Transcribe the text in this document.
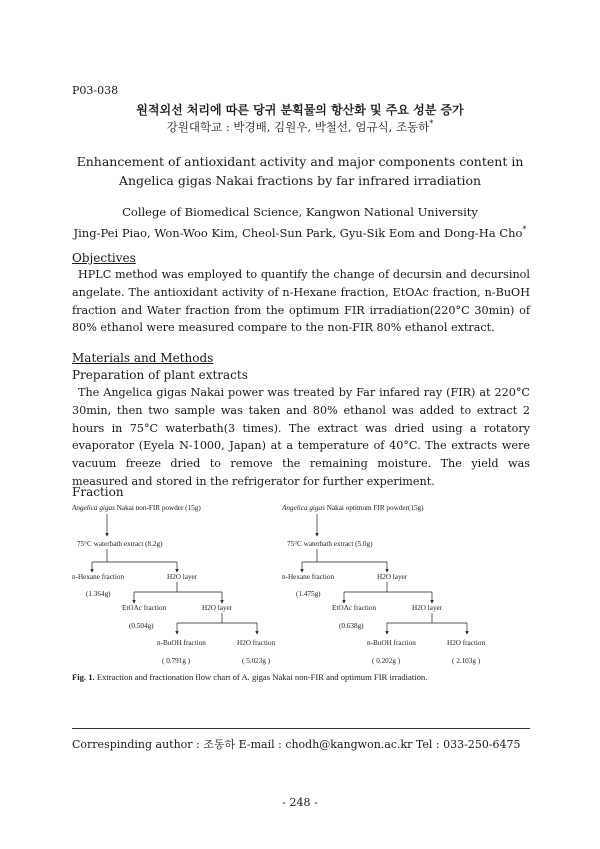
P03-038
원적외선 처리에 따른 당귀 분획물의 항산화 및 주요 성분 증가
강원대학교 : 박경배, 김원우, 박철선, 엄규식, 조동하*
Enhancement of antioxidant activity and major components content in
Angelica gigas Nakai fractions by far infrared irradiation
College of Biomedical Science, Kangwon National University
Jing-Pei Piao, Won-Woo Kim, Cheol-Sun Park, Gyu-Sik Eom and Dong-Ha Cho*
Objectives
HPLC method was employed to quantify the change of decursin and decursinol angelate. The antioxidant activity of n-Hexane fraction, EtOAc fraction, n-BuOH fraction and Water fraction from the optimum FIR irradiation(220°C 30min) of 80% ethanol were measured compare to the non-FIR 80% ethanol extract.
Materials and Methods
Preparation of plant extracts
The Angelica gigas Nakai power was treated by Far infared ray (FIR) at 220°C 30min, then two sample was taken and 80% ethanol was added to extract 2 hours in 75°C waterbath(3 times). The extract was dried using a rotatory evaporator (Eyela N-1000, Japan) at a temperature of 40°C. The extracts were vacuum freeze dried to remove the remaining moisture. The yield was measured and stored in the refrigerator for further experiment.
Fraction
Angelica gigas Nakai non-FIR powder (15g)
75°C waterbath extract (8.2g)
n-Hexane fraction	H2O layer
(1.364g)
EtOAc fraction	H2O layer
(0.504g)
n-BuOH fraction	H2O fraction
( 0.791g )	( 5.023g )
Angelica gigas Nakai optimum FIR powder(15g)
75°C waterbath extract (5.0g)
n-Hexane fraction	H2O layer
(1.475g)
EtOAc fraction	H2O layer
(0.638g)
n-BuOH fraction	H2O fraction
( 0.202g )	( 2.103g )
Fig. 1. Extraction and fractionation flow chart of A. gigas Nakai non-FIR and optimum FIR irradiation.
Correspinding author : 조동하 E-mail : chodh@kangwon.ac.kr Tel : 033-250-6475
- 248 -
